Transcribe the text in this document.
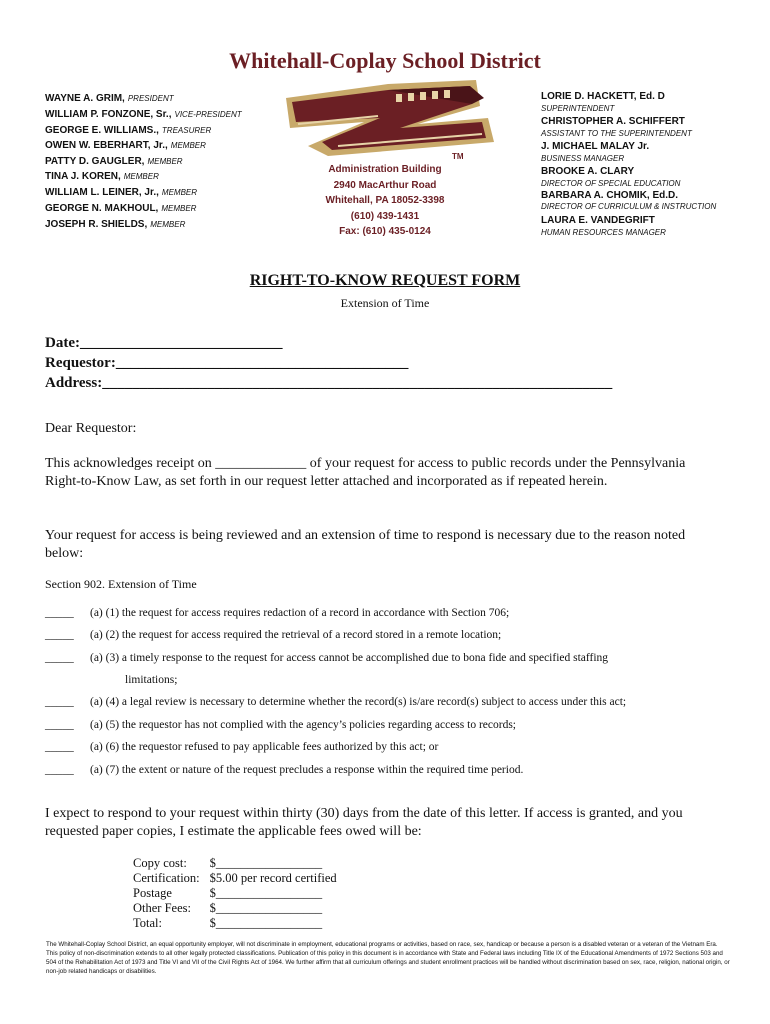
Whitehall-Coplay School District
WAYNE A. GRIM, PRESIDENT
WILLIAM P. FONZONE, Sr., VICE-PRESIDENT
GEORGE E. WILLIAMS., TREASURER
OWEN W. EBERHART, Jr., MEMBER
PATTY D. GAUGLER, MEMBER
TINA J. KOREN, MEMBER
WILLIAM L. LEINER, Jr., MEMBER
GEORGE N. MAKHOUL, MEMBER
JOSEPH R. SHIELDS, MEMBER
TM
Administration Building
2940 MacArthur Road
Whitehall, PA 18052-3398
(610) 439-1431
Fax: (610) 435-0124
LORIE D. HACKETT, Ed. D
SUPERINTENDENT
CHRISTOPHER A. SCHIFFERT
ASSISTANT TO THE SUPERINTENDENT
J. MICHAEL MALAY Jr.
BUSINESS MANAGER
BROOKE A. CLARY
DIRECTOR OF SPECIAL EDUCATION
BARBARA A. CHOMIK, Ed.D.
DIRECTOR OF CURRICULUM & INSTRUCTION
LAURA E. VANDEGRIFT
HUMAN RESOURCES MANAGER
RIGHT-TO-KNOW REQUEST FORM
Extension of Time
Date:___________________________
Requestor:_______________________________________
Address:____________________________________________________________________
Dear Requestor:
This acknowledges receipt on _____________ of your request for access to public records under the Pennsylvania Right-to-Know Law, as set forth in our request letter attached and incorporated as if repeated herein.
Your request for access is being reviewed and an extension of time to respond is necessary due to the reason noted below:
Section 902. Extension of Time
_____ (a) (1) the request for access requires redaction of a record in accordance with Section 706;
_____ (a) (2) the request for access required the retrieval of a record stored in a remote location;
_____ (a) (3) a timely response to the request for access cannot be accomplished due to bona fide and specified staffing
limitations;
_____ (a) (4) a legal review is necessary to determine whether the record(s) is/are record(s) subject to access under this act;
_____ (a) (5) the requestor has not complied with the agency’s policies regarding access to records;
_____ (a) (6) the requestor refused to pay applicable fees authorized by this act; or
_____ (a) (7) the extent or nature of the request precludes a response within the required time period.
I expect to respond to your request within thirty (30) days from the date of this letter. If access is granted, and you requested paper copies, I estimate the applicable fees owed will be:
Copy cost:	$_________________
Certification:	$5.00 per record certified
Postage	$_________________
Other Fees:	$_________________
Total:	$_________________
The Whitehall-Coplay School District, an equal opportunity employer, will not discriminate in employment, educational programs or activities, based on race, sex, handicap or because a person is a disabled veteran or a veteran of the Vietnam Era. This policy of non-discrimination extends to all other legally protected classifications. Publication of this policy in this document is in accordance with State and Federal laws including Title IX of the Educational Amendments of 1972 Sections 503 and 504 of the Rehabilitation Act of 1973 and Title VI and VII of the Civil Rights Act of 1964. We further affirm that all curriculum offerings and student enrollment practices will be handled without discrimination based on sex, race, religion, national origin, or non-job related handicaps or disabilities.
